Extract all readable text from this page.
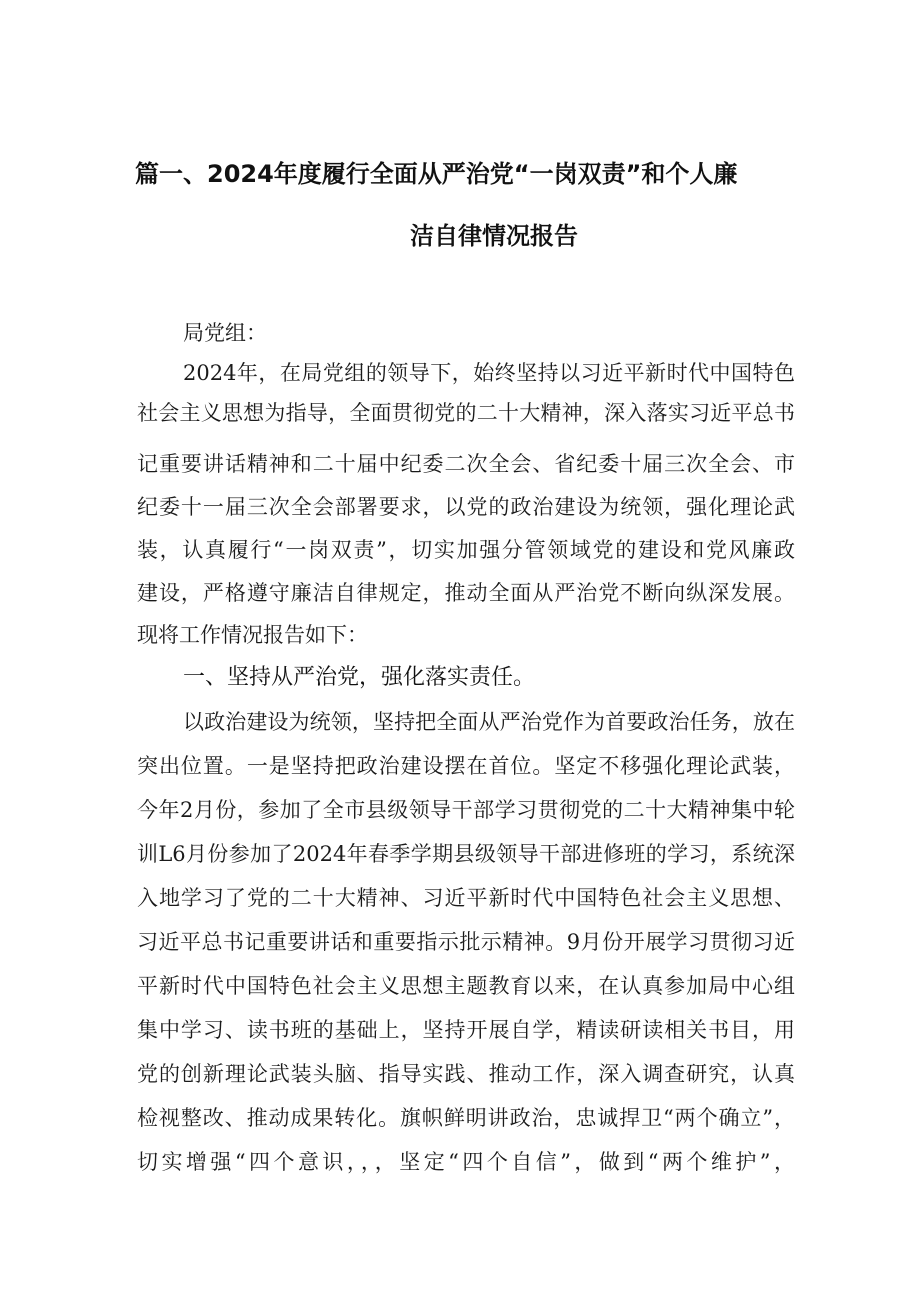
篇一、2024年度履行全面从严治党“一岗双责”和个人廉
洁自律情况报告
局党组：
2024年，在局党组的领导下，始终坚持以习近平新时代中国特色
社会主义思想为指导，全面贯彻党的二十大精神，深入落实习近平总书
记重要讲话精神和二十届中纪委二次全会、省纪委十届三次全会、市
纪委十一届三次全会部署要求，以党的政治建设为统领，强化理论武
装，认真履行“一岗双责”，切实加强分管领域党的建设和党风廉政
建设，严格遵守廉洁自律规定，推动全面从严治党不断向纵深发展。
现将工作情况报告如下：
一、坚持从严治党，强化落实责任。
以政治建设为统领，坚持把全面从严治党作为首要政治任务，放在
突出位置。一是坚持把政治建设摆在首位。坚定不移强化理论武装，
今年2月份，参加了全市县级领导干部学习贯彻党的二十大精神集中轮
训L6月份参加了2024年春季学期县级领导干部进修班的学习，系统深
入地学习了党的二十大精神、习近平新时代中国特色社会主义思想、
习近平总书记重要讲话和重要指示批示精神。9月份开展学习贯彻习近
平新时代中国特色社会主义思想主题教育以来，在认真参加局中心组
集中学习、读书班的基础上，坚持开展自学，精读研读相关书目，用
党的创新理论武装头脑、指导实践、推动工作，深入调查研究，认真
检视整改、推动成果转化。旗帜鲜明讲政治，忠诚捍卫“两个确立”，
切实增强“四个意识，，，坚定“四个自信”，做到“两个维护”，
